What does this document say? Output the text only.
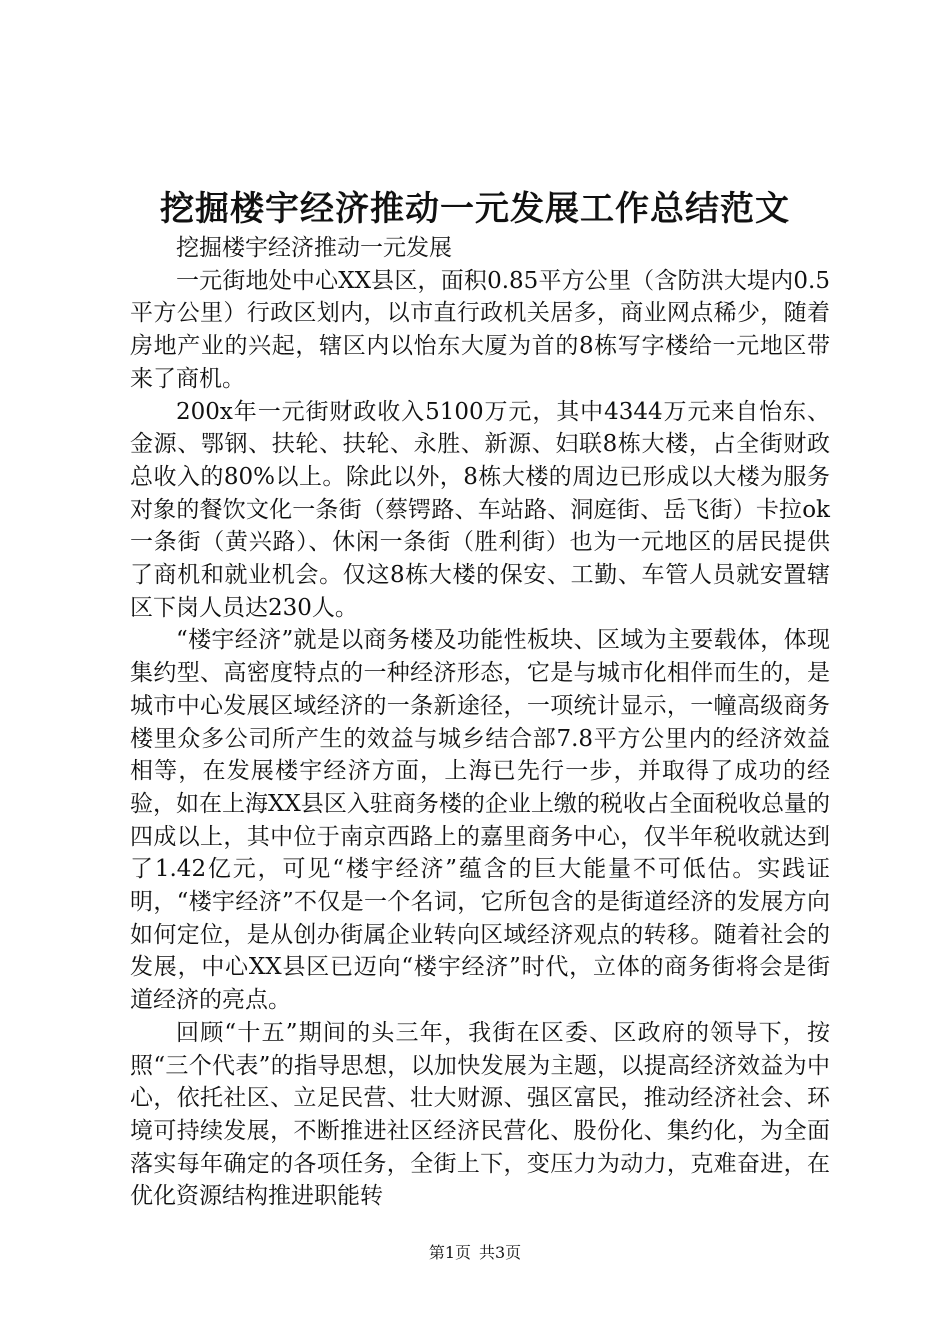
挖掘楼宇经济推动一元发展工作总结范文

挖掘楼宇经济推动一元发展

一元街地处中心XX县区，面积0.85平方公里（含防洪大堤内0.5平方公里）行政区划内，以市直行政机关居多，商业网点稀少，随着房地产业的兴起，辖区内以怡东大厦为首的8栋写字楼给一元地区带来了商机。

200x年一元街财政收入5100万元，其中4344万元来自怡东、金源、鄂钢、扶轮、扶轮、永胜、新源、妇联8栋大楼，占全街财政总收入的80%以上。除此以外，8栋大楼的周边已形成以大楼为服务对象的餐饮文化一条街（蔡锷路、车站路、洞庭街、岳飞街）卡拉ok一条街（黄兴路）、休闲一条街（胜利街）也为一元地区的居民提供了商机和就业机会。仅这8栋大楼的保安、工勤、车管人员就安置辖区下岗人员达230人。

“楼宇经济”就是以商务楼及功能性板块、区域为主要载体，体现集约型、高密度特点的一种经济形态，它是与城市化相伴而生的，是城市中心发展区域经济的一条新途径，一项统计显示，一幢高级商务楼里众多公司所产生的效益与城乡结合部7.8平方公里内的经济效益相等，在发展楼宇经济方面，上海已先行一步，并取得了成功的经验，如在上海XX县区入驻商务楼的企业上缴的税收占全面税收总量的四成以上，其中位于南京西路上的嘉里商务中心，仅半年税收就达到了1.42亿元，可见“楼宇经济”蕴含的巨大能量不可低估。实践证明，“楼宇经济”不仅是一个名词，它所包含的是街道经济的发展方向如何定位，是从创办街属企业转向区域经济观点的转移。随着社会的发展，中心XX县区已迈向“楼宇经济”时代，立体的商务街将会是街道经济的亮点。

回顾“十五”期间的头三年，我街在区委、区政府的领导下，按照“三个代表”的指导思想，以加快发展为主题，以提高经济效益为中心，依托社区、立足民营、壮大财源、强区富民，推动经济社会、环境可持续发展，不断推进社区经济民营化、股份化、集约化，为全面落实每年确定的各项任务，全街上下，变压力为动力，克难奋进，在优化资源结构推进职能转

第1页 共3页
